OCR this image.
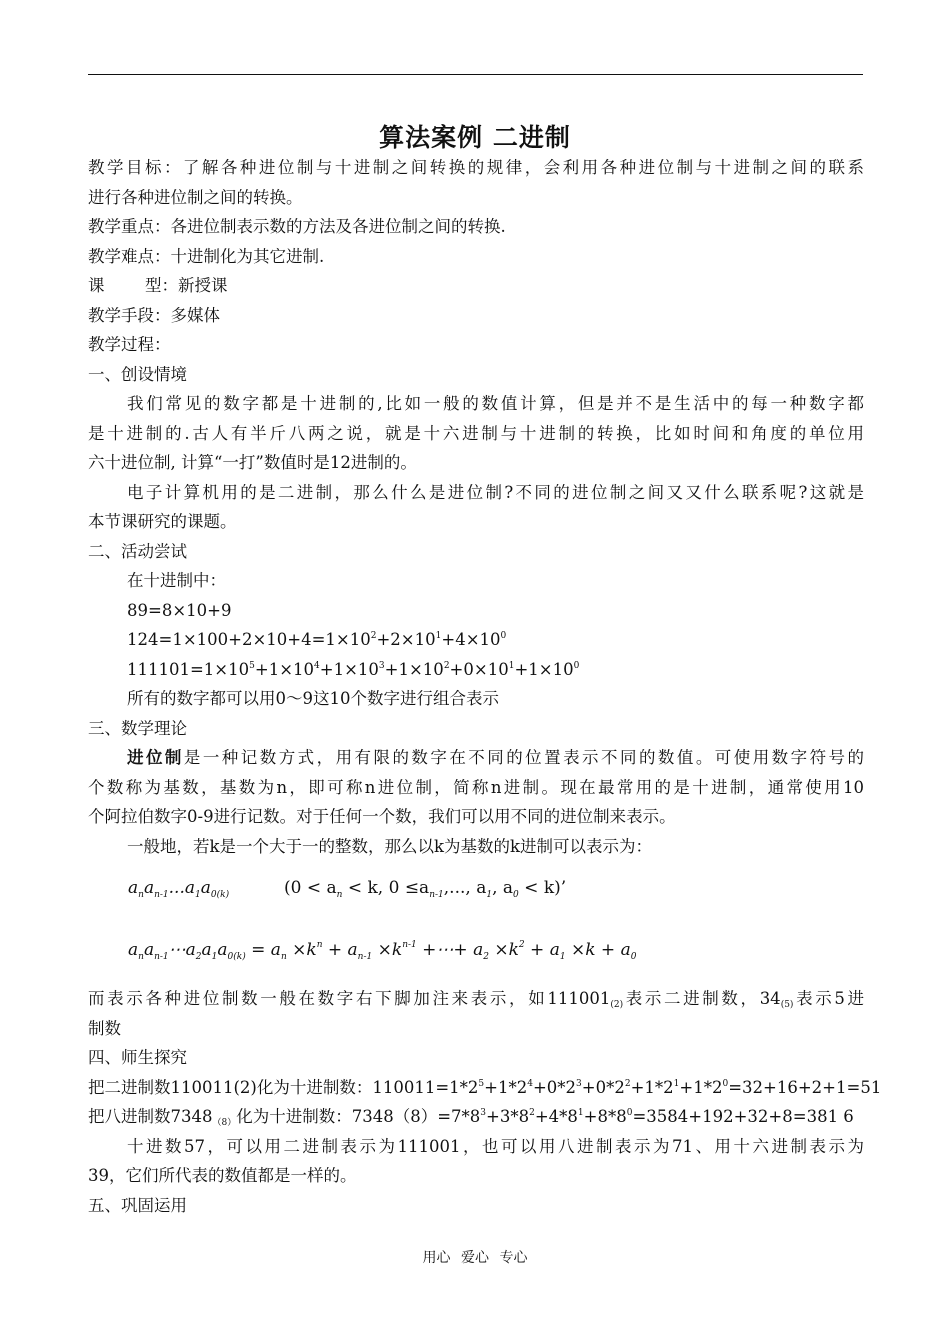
算法案例 二进制
教学目标：了解各种进位制与十进制之间转换的规律，会利用各种进位制与十进制之间的联系
进行各种进位制之间的转换。
教学重点：各进位制表示数的方法及各进位制之间的转换.
教学难点：十进制化为其它进制.
课 型：新授课
教学手段：多媒体
教学过程：
一、创设情境
我们常见的数字都是十进制的,比如一般的数值计算，但是并不是生活中的每一种数字都
是十进制的.古人有半斤八两之说，就是十六进制与十进制的转换，比如时间和角度的单位用
六十进位制, 计算“一打”数值时是12进制的。
电子计算机用的是二进制，那么什么是进位制?不同的进位制之间又又什么联系呢?这就是
本节课研究的课题。
二、活动尝试
在十进制中：
89=8×10+9
$124=1\times 100+2\times 10+4=1\times 10^2+2\times 10^1+4\times 10^0$
$111101=1\times 10^5+1\times 10^4+1\times 10^3+1\times 10^2+0\times 10^1+1\times 10^0$
所有的数字都可以用0～9这10个数字进行组合表示
三、数学理论
进位制是一种记数方式，用有限的数字在不同的位置表示不同的数值。可使用数字符号的
个数称为基数，基数为n，即可称n进位制，简称n进制。现在最常用的是十进制，通常使用10
个阿拉伯数字0-9进行记数。对于任何一个数，我们可以用不同的进位制来表示。
一般地，若k是一个大于一的整数，那么以k为基数的k进制可以表示为：
$a_na_{n-1}...a_1a_{0(k)}$	($0 < a_n < k$, $0 \le a_{n-1}$,..., $a_1$, $a_0 < k$)’
$a_na_{n-1}\cdots a_2a_1a_{0(k)} = a_n \times k^n + a_{n-1} \times k^{n-1}$ +⋯+ $a_2 \times k^2 + a_1 \times k + a_0$
而表示各种进位制数一般在数字右下脚加注来表示，如$111001_{(2)}$表示二进制数，$34_{(5)}$表示5进
制数
四、师生探究
把二进制数110011(2)化为十进制数：$110011=1*2^5+1*2^4+0*2^3+0*2^2+1*2^1+1*2^0=32+16+2+1=51$
把八进制数$7348_{(8)}$化为十进制数：$7348(8)=7*8^3+3*8^2+4*8^1+8*8^0=3584+192+32+8=381$ 6
十进数57，可以用二进制表示为111001，也可以用八进制表示为71、用十六进制表示为
39，它们所代表的数值都是一样的。
五、巩固运用
用心 爱心 专心
